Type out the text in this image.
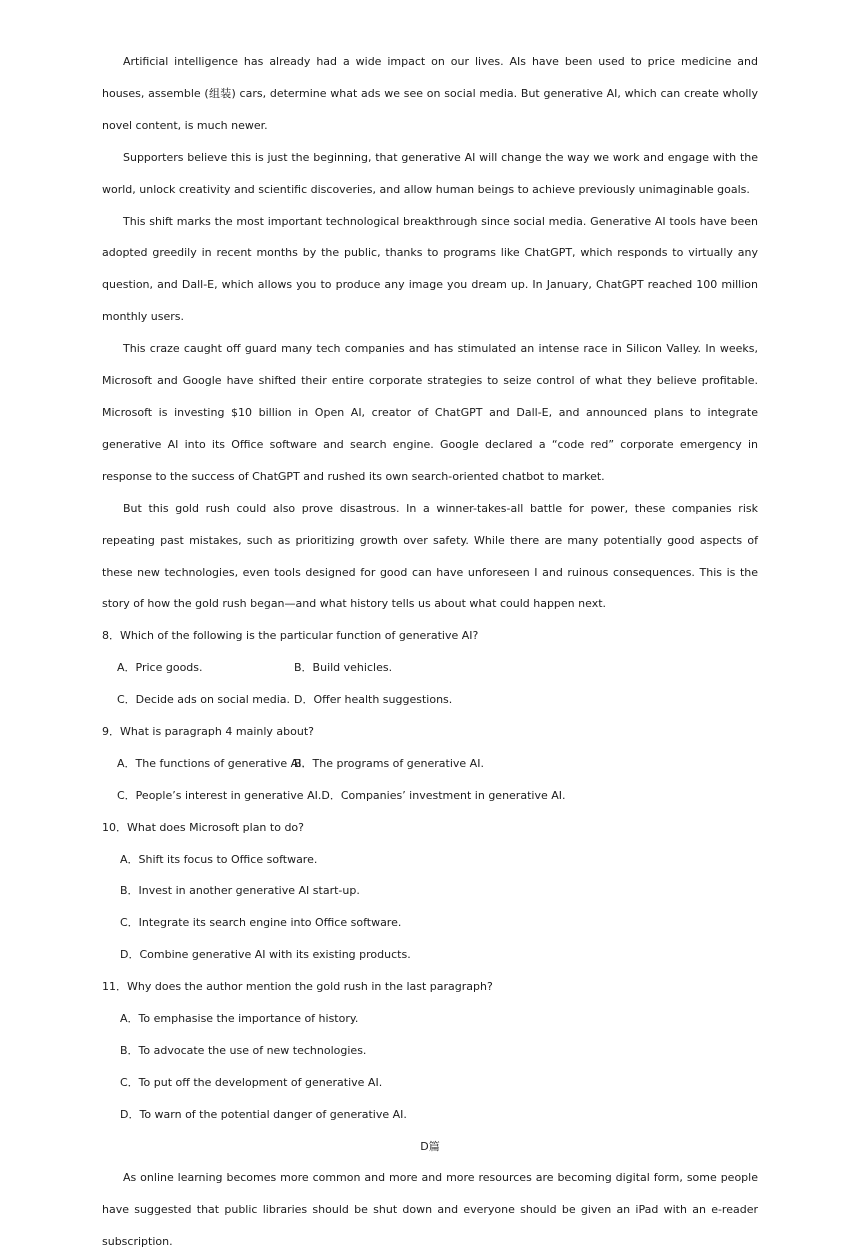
Artificial intelligence has already had a wide impact on our lives. AIs have been used to price medicine and houses, assemble (组装) cars, determine what ads we see on social media. But generative AI, which can create wholly novel content, is much newer.

Supporters believe this is just the beginning, that generative AI will change the way we work and engage with the world, unlock creativity and scientific discoveries, and allow human beings to achieve previously unimaginable goals.

This shift marks the most important technological breakthrough since social media. Generative AI tools have been adopted greedily in recent months by the public, thanks to programs like ChatGPT, which responds to virtually any question, and Dall-E, which allows you to produce any image you dream up. In January, ChatGPT reached 100 million monthly users.

This craze caught off guard many tech companies and has stimulated an intense race in Silicon Valley. In weeks, Microsoft and Google have shifted their entire corporate strategies to seize control of what they believe profitable. Microsoft is investing $10 billion in Open AI, creator of ChatGPT and Dall-E, and announced plans to integrate generative AI into its Office software and search engine. Google declared a “code red” corporate emergency in response to the success of ChatGPT and rushed its own search-oriented chatbot to market.

But this gold rush could also prove disastrous. In a winner-takes-all battle for power, these companies risk repeating past mistakes, such as prioritizing growth over safety. While there are many potentially good aspects of these new technologies, even tools designed for good can have unforeseen I and ruinous consequences. This is the story of how the gold rush began—and what history tells us about what could happen next.

8．Which of the following is the particular function of generative AI?
A．Price goods.	B．Build vehicles.
C．Decide ads on social media. D．Offer health suggestions.
9．What is paragraph 4 mainly about?
A．The functions of generative AI.B．The programs of generative AI.
C．People’s interest in generative AI.D．Companies’ investment in generative AI.
10．What does Microsoft plan to do?
A．Shift its focus to Office software.
B．Invest in another generative AI start-up.
C．Integrate its search engine into Office software.
D．Combine generative AI with its existing products.
11．Why does the author mention the gold rush in the last paragraph?
A．To emphasise the importance of history.
B．To advocate the use of new technologies.
C．To put off the development of generative AI.
D．To warn of the potential danger of generative AI.
D篇

As online learning becomes more common and more and more resources are becoming digital form, some people have suggested that public libraries should be shut down and everyone should be given an iPad with an e-reader subscription.
